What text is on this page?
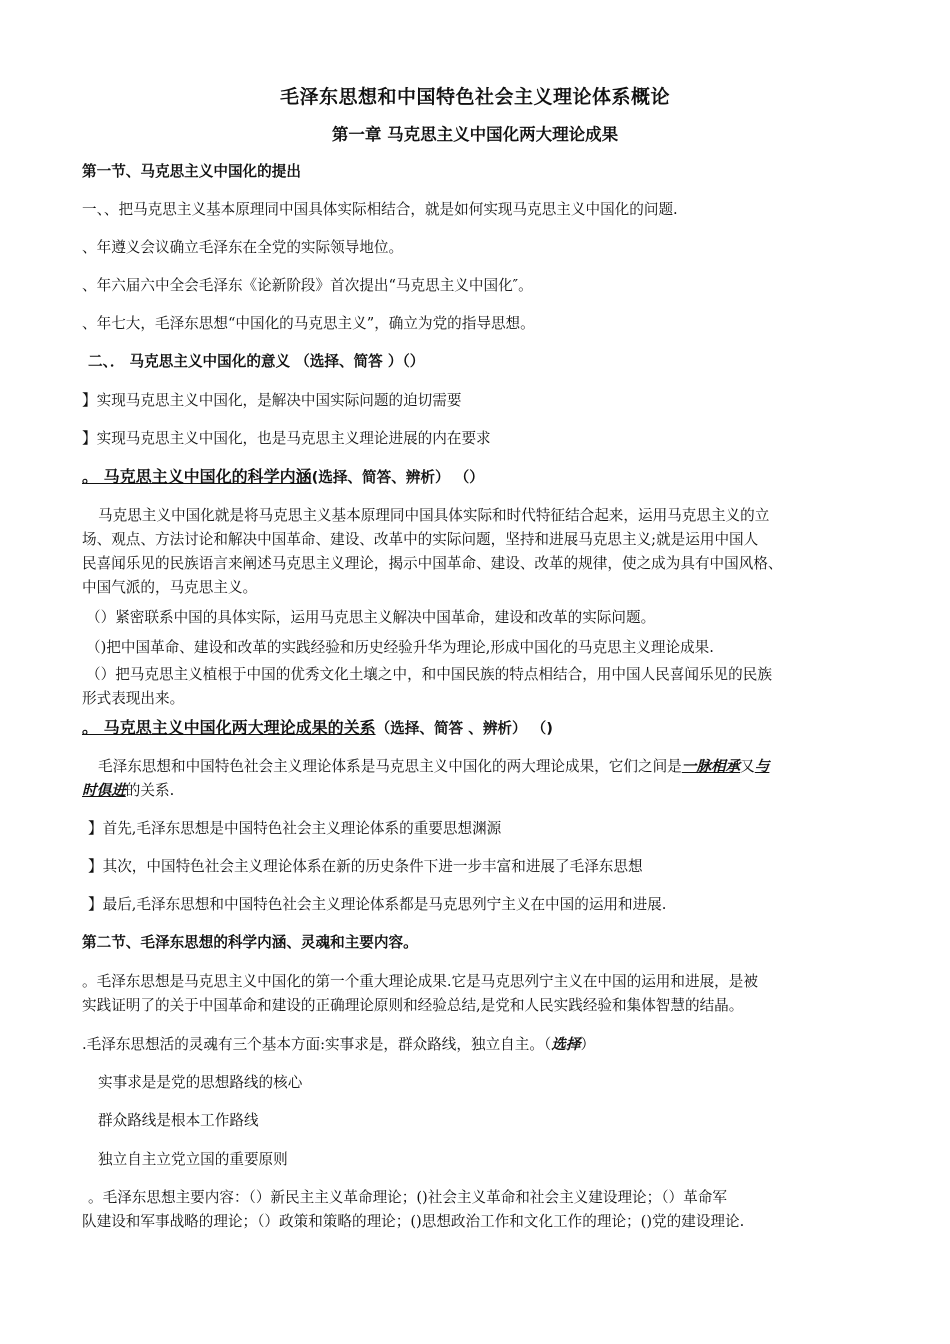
毛泽东思想和中国特色社会主义理论体系概论
第一章 马克思主义中国化两大理论成果

第一节、马克思主义中国化的提出

一、、把马克思主义基本原理同中国具体实际相结合，就是如何实现马克思主义中国化的问题.

、年遵义会议确立毛泽东在全党的实际领导地位。

、年六届六中全会毛泽东《论新阶段》首次提出“马克思主义中国化″。

、年七大，毛泽东思想“中国化的马克思主义”，确立为党的指导思想。

二、． 马克思主义中国化的意义 （选择、简答 ）（）

】实现马克思主义中国化，是解决中国实际问题的迫切需要

】实现马克思主义中国化，也是马克思主义理论进展的内在要求

。 马克思主义中国化的科学内涵(选择、简答、辨析） （）

马克思主义中国化就是将马克思主义基本原理同中国具体实际和时代特征结合起来，运用马克思主义的立

场、观点、方法讨论和解决中国革命、建设、改革中的实际问题，坚持和进展马克思主义;就是运用中国人

民喜闻乐见的民族语言来阐述马克思主义理论，揭示中国革命、建设、改革的规律，使之成为具有中国风格、

中国气派的，马克思主义。

（）紧密联系中国的具体实际，运用马克思主义解决中国革命，建设和改革的实际问题。

（)把中国革命、建设和改革的实践经验和历史经验升华为理论,形成中国化的马克思主义理论成果.

（）把马克思主义植根于中国的优秀文化土壤之中，和中国民族的特点相结合，用中国人民喜闻乐见的民族

形式表现出来。

。 马克思主义中国化两大理论成果的关系（选择、简答 、辨析） （)

毛泽东思想和中国特色社会主义理论体系是马克思主义中国化的两大理论成果，它们之间是一脉相承又与

时俱进的关系.

】首先,毛泽东思想是中国特色社会主义理论体系的重要思想渊源

】其次，中国特色社会主义理论体系在新的历史条件下进一步丰富和进展了毛泽东思想

】最后,毛泽东思想和中国特色社会主义理论体系都是马克思列宁主义在中国的运用和进展.

第二节、毛泽东思想的科学内涵、灵魂和主要内容。

。毛泽东思想是马克思主义中国化的第一个重大理论成果.它是马克思列宁主义在中国的运用和进展，是被

实践证明了的关于中国革命和建设的正确理论原则和经验总结,是党和人民实践经验和集体智慧的结晶。

.毛泽东思想活的灵魂有三个基本方面:实事求是，群众路线，独立自主。（选择）

实事求是是党的思想路线的核心

群众路线是根本工作路线

独立自主立党立国的重要原则

。毛泽东思想主要内容：（）新民主主义革命理论；()社会主义革命和社会主义建设理论；（）革命军

队建设和军事战略的理论；（）政策和策略的理论；()思想政治工作和文化工作的理论；()党的建设理论.
